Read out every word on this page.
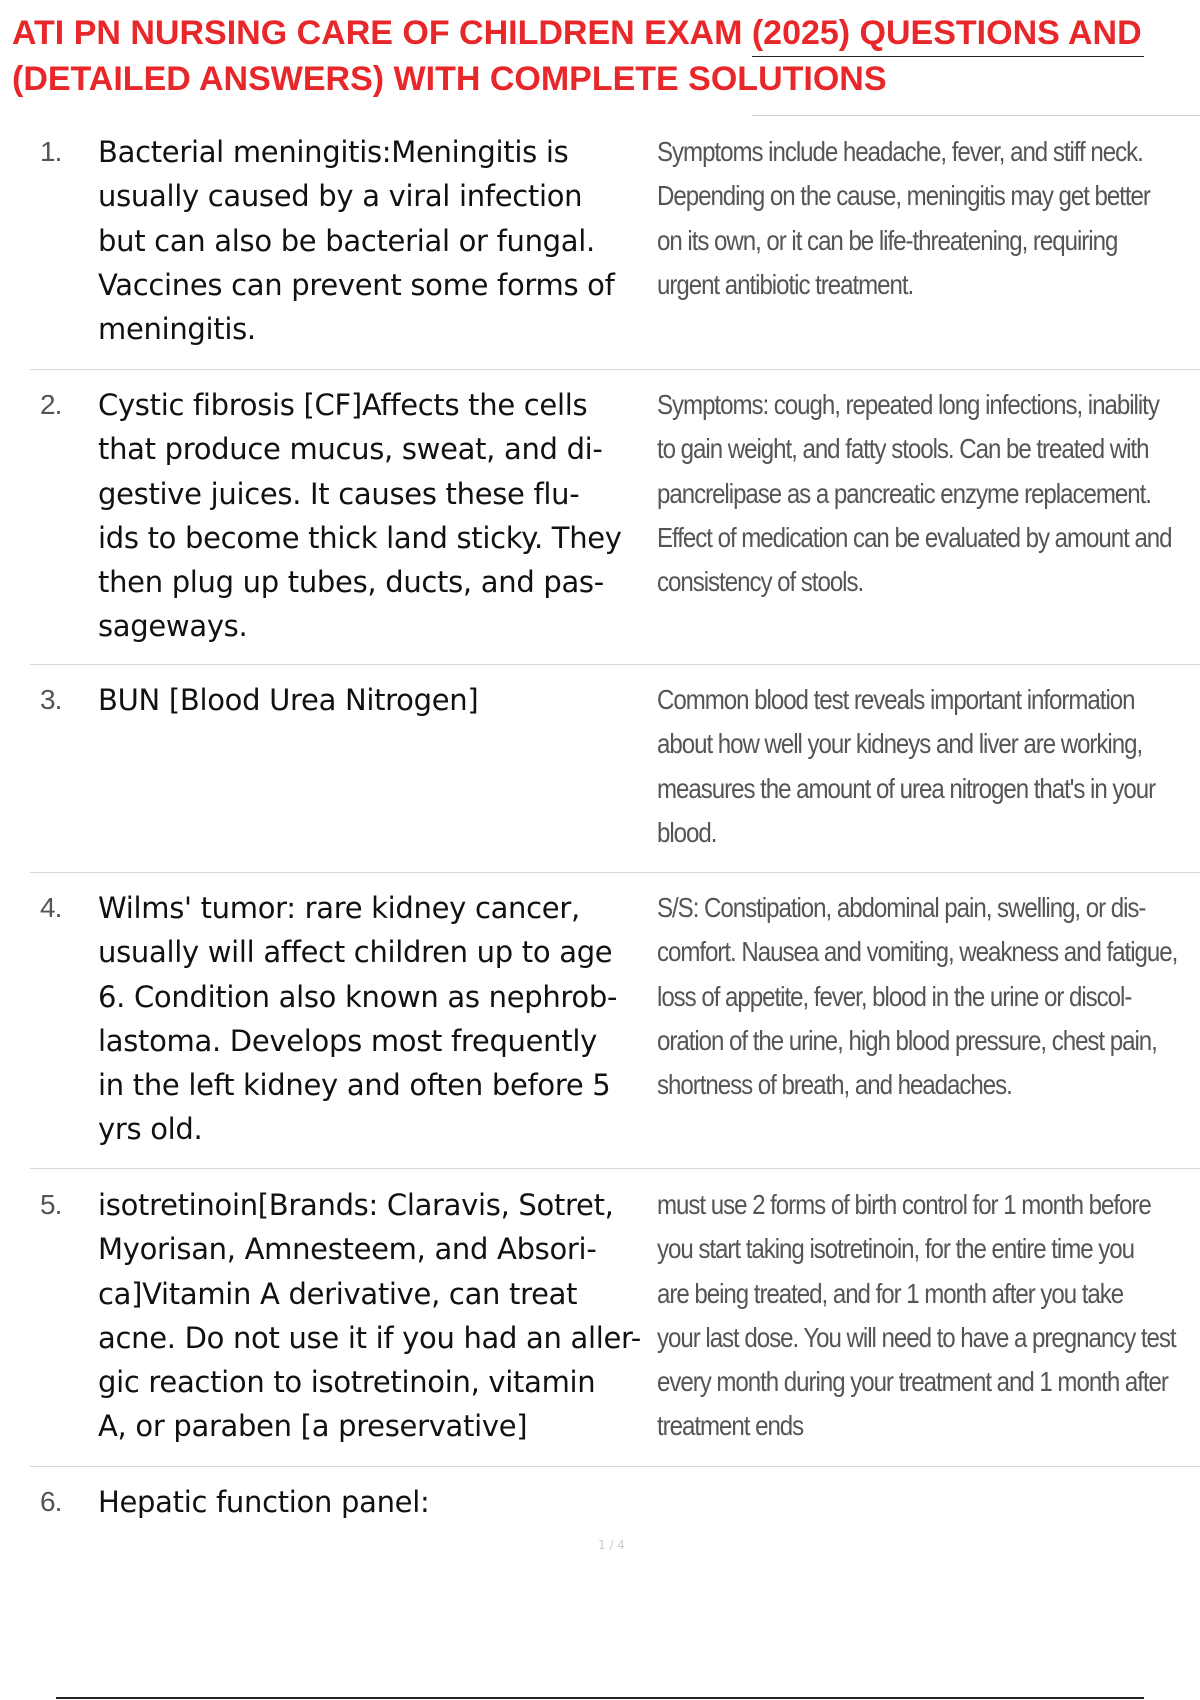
ATI PN NURSING CARE OF CHILDREN EXAM (2025) QUESTIONS AND
(DETAILED ANSWERS) WITH COMPLETE SOLUTIONS
1. Bacterial meningitis:Meningitis is
usually caused by a viral infection
but can also be bacterial or fungal.
Vaccines can prevent some forms of
meningitis.
Symptoms include headache, fever, and stiff neck.
Depending on the cause, meningitis may get better
on its own, or it can be life-threatening, requiring
urgent antibiotic treatment.
2. Cystic fibrosis [CF]Affects the cells
that produce mucus, sweat, and di-
gestive juices. It causes these flu-
ids to become thick land sticky. They
then plug up tubes, ducts, and pas-
sageways.
Symptoms: cough, repeated long infections, inability
to gain weight, and fatty stools. Can be treated with
pancrelipase as a pancreatic enzyme replacement.
Effect of medication can be evaluated by amount and
consistency of stools.
3. BUN [Blood Urea Nitrogen]	Common blood test reveals important information
about how well your kidneys and liver are working,
measures the amount of urea nitrogen that's in your
blood.
4. Wilms' tumor: rare kidney cancer,
usually will affect children up to age
6. Condition also known as nephrob-
lastoma. Develops most frequently
in the left kidney and often before 5
yrs old.
S/S: Constipation, abdominal pain, swelling, or dis-
comfort. Nausea and vomiting, weakness and fatigue,
loss of appetite, fever, blood in the urine or discol-
oration of the urine, high blood pressure, chest pain,
shortness of breath, and headaches.
5. isotretinoin[Brands: Claravis, Sotret,
Myorisan, Amnesteem, and Absori-
ca]Vitamin A derivative, can treat
acne. Do not use it if you had an aller-
gic reaction to isotretinoin, vitamin
A, or paraben [a preservative]
must use 2 forms of birth control for 1 month before
you start taking isotretinoin, for the entire time you
are being treated, and for 1 month after you take
your last dose. You will need to have a pregnancy test
every month during your treatment and 1 month after
treatment ends
6. Hepatic function panel:
1 / 4
